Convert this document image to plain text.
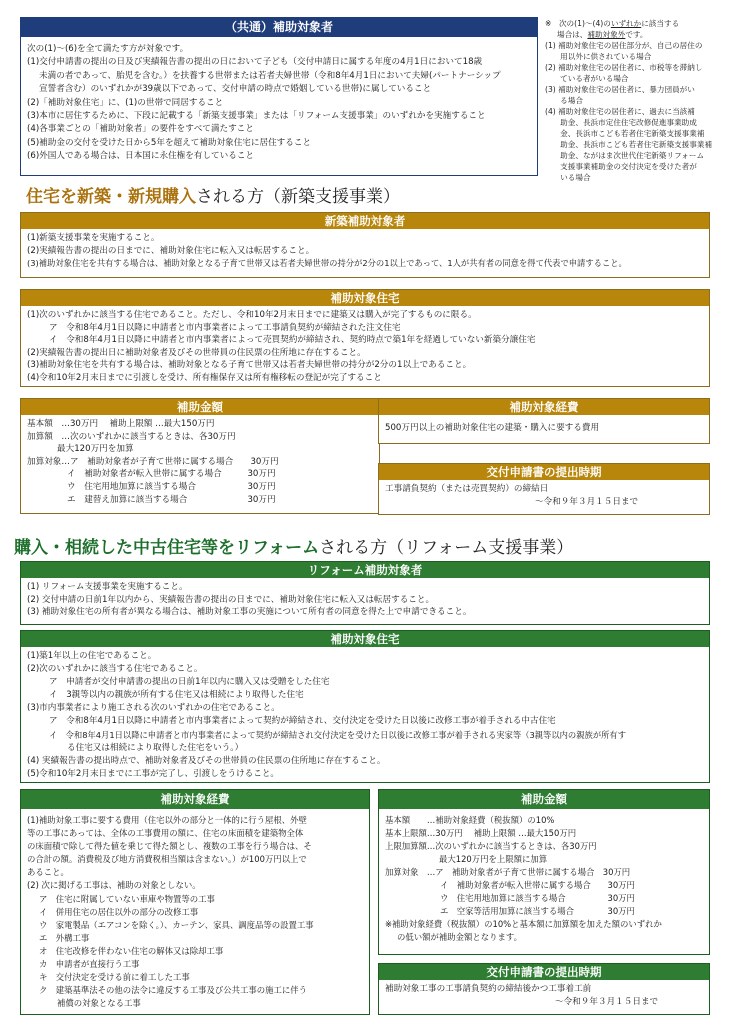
（共通）補助対象者
次の(1)～(6)を全て満たす方が対象です。
(1)交付申請書の提出の日及び実績報告書の提出の日において子ども（交付申請日に属する年度の4月1日において18歳
未満の者であって、胎児を含む。）を扶養する世帯または若者夫婦世帯（令和8年4月1日において夫婦(パートナーシップ
宣誓者含む）のいずれかが39歳以下であって、交付申請の時点で婚姻している世帯)に属していること
(2)「補助対象住宅」に、(1)の世帯で同居すること
(3)本市に居住するために、下段に記載する「新築支援事業」または「リフォーム支援事業」のいずれかを実施すること
(4)各事業ごとの「補助対象者」の要件をすべて満たすこと
(5)補助金の交付を受けた日から5年を超えて補助対象住宅に居住すること
(6)外国人である場合は、日本国に永住権を有していること
※　次の(1)～(4)のいずれかに該当する
場合は、補助対象外です。
(1) 補助対象住宅の居住部分が、自己の居住の
　　用以外に供されている場合
(2) 補助対象住宅の居住者に、市税等を滞納し
　　ている者がいる場合
(3) 補助対象住宅の居住者に、暴力団員がい
　　る場合
(4) 補助対象住宅の居住者に、過去に当該補
　　助金、長浜市定住住宅改修促進事業助成
　　金、長浜市こども若者住宅新築支援事業補
　　助金、長浜市こども若者住宅新築支援事業補
　　助金、ながはま次世代住宅新築リフォーム
　　支援事業補助金の交付決定を受けた者が
　　いる場合
住宅を新築・新規購入される方（新築支援事業）
新築補助対象者
(1)新築支援事業を実施すること。
(2)実績報告書の提出の日までに、補助対象住宅に転入又は転居すること。
(3)補助対象住宅を共有する場合は、補助対象となる子育て世帯又は若者夫婦世帯の持分が2分の1以上であって、1人が共有者の同意を得て代表で申請すること。
補助対象住宅
(1)次のいずれかに該当する住宅であること。ただし、令和10年2月末日までに建築又は購入が完了するものに限る。
ア　令和8年4月1日以降に申請者と市内事業者によって工事請負契約が締結された注文住宅
イ　令和8年4月1日以降に申請者と市内事業者によって売買契約が締結され、契約時点で築1年を経過していない新築分譲住宅
(2)実績報告書の提出日に補助対象者及びその世帯員の住民票の住所地に存在すること。
(3)補助対象住宅を共有する場合は、補助対象となる子育て世帯又は若者夫婦世帯の持分が2分の1以上であること。
(4)令和10年2月末日までに引渡しを受け、所有権保存又は所有権移転の登記が完了すること
補助金額
基本額　…30万円　 補助上限額 …最大150万円
加算額　…次のいずれかに該当するときは、各30万円
最大120万円を加算
加算対象…ア　補助対象者が子育て世帯に属する場合　　30万円
イ　補助対象者が転入世帯に属する場合　　　30万円
ウ　住宅用地加算に該当する場合　　　　　　30万円
エ　建替え加算に該当する場合　　　　　　　30万円
補助対象経費
500万円以上の補助対象住宅の建築・購入に要する費用
交付申請書の提出時期
工事請負契約（または売買契約）の締結日
～令和９年３月１５日まで
購入・相続した中古住宅等をリフォームされる方（リフォーム支援事業）
リフォーム補助対象者
(1) リフォーム支援事業を実施すること。
(2) 交付申請の日前1年以内から、実績報告書の提出の日までに、補助対象住宅に転入又は転居すること。
(3) 補助対象住宅の所有者が異なる場合は、補助対象工事の実施について所有者の同意を得た上で申請できること。
補助対象住宅
(1)築1年以上の住宅であること。
(2)次のいずれかに該当する住宅であること。
ア　申請者が交付申請書の提出の日前1年以内に購入又は受贈をした住宅
イ　3親等以内の親族が所有する住宅又は相続により取得した住宅
(3)市内事業者により施工される次のいずれかの住宅であること。
ア　令和8年4月1日以降に申請者と市内事業者によって契約が締結され、交付決定を受けた日以後に改修工事が着手される中古住宅
イ　令和8年4月1日以降に申請者と市内事業者によって契約が締結され交付決定を受けた日以後に改修工事が着手される実家等（3親等以内の親族が所有す
る住宅又は相続により取得した住宅をいう。）
(4) 実績報告書の提出時点で、補助対象者及びその世帯員の住民票の住所地に存在すること。
(5)令和10年2月末日までに工事が完了し、引渡しをうけること。
補助対象経費
(1)補助対象工事に要する費用（住宅以外の部分と一体的に行う屋根、外壁
等の工事にあっては、全体の工事費用の額に、住宅の床面積を建築物全体
の床面積で除して得た値を乗じて得た額とし、複数の工事を行う場合は、そ
の合計の額。消費税及び地方消費税相当額は含まない。）が100万円以上で
あること。
(2) 次に掲げる工事は、補助の対象としない。
ア　住宅に附属していない車庫や物置等の工事
イ　併用住宅の居住以外の部分の改修工事
ウ　家電製品（エアコンを除く。）、カーテン、家具、調度品等の設置工事
エ　外構工事
オ　住宅改修を伴わない住宅の解体又は除却工事
カ　申請者が直接行う工事
キ　交付決定を受ける前に着工した工事
ク　建築基準法その他の法令に違反する工事及び公共工事の施工に伴う
補償の対象となる工事
補助金額
基本額　　…補助対象経費（税抜額）の10%
基本上限額…30万円　 補助上限額 …最大150万円
上限加算額…次のいずれかに該当するときは、各30万円
最大120万円を上限額に加算
加算対象　…ア　補助対象者が子育て世帯に属する場合　30万円
イ　補助対象者が転入世帯に属する場合　　30万円
ウ　住宅用地加算に該当する場合　　　　　30万円
エ　空家等活用加算に該当する場合　　　　30万円
※補助対象経費（税抜額）の10%と基本額に加算額を加えた額のいずれか
の低い額が補助金額となります。
交付申請書の提出時期
補助対象工事の工事請負契約の締結後かつ工事着工前
～令和９年３月１５日まで
